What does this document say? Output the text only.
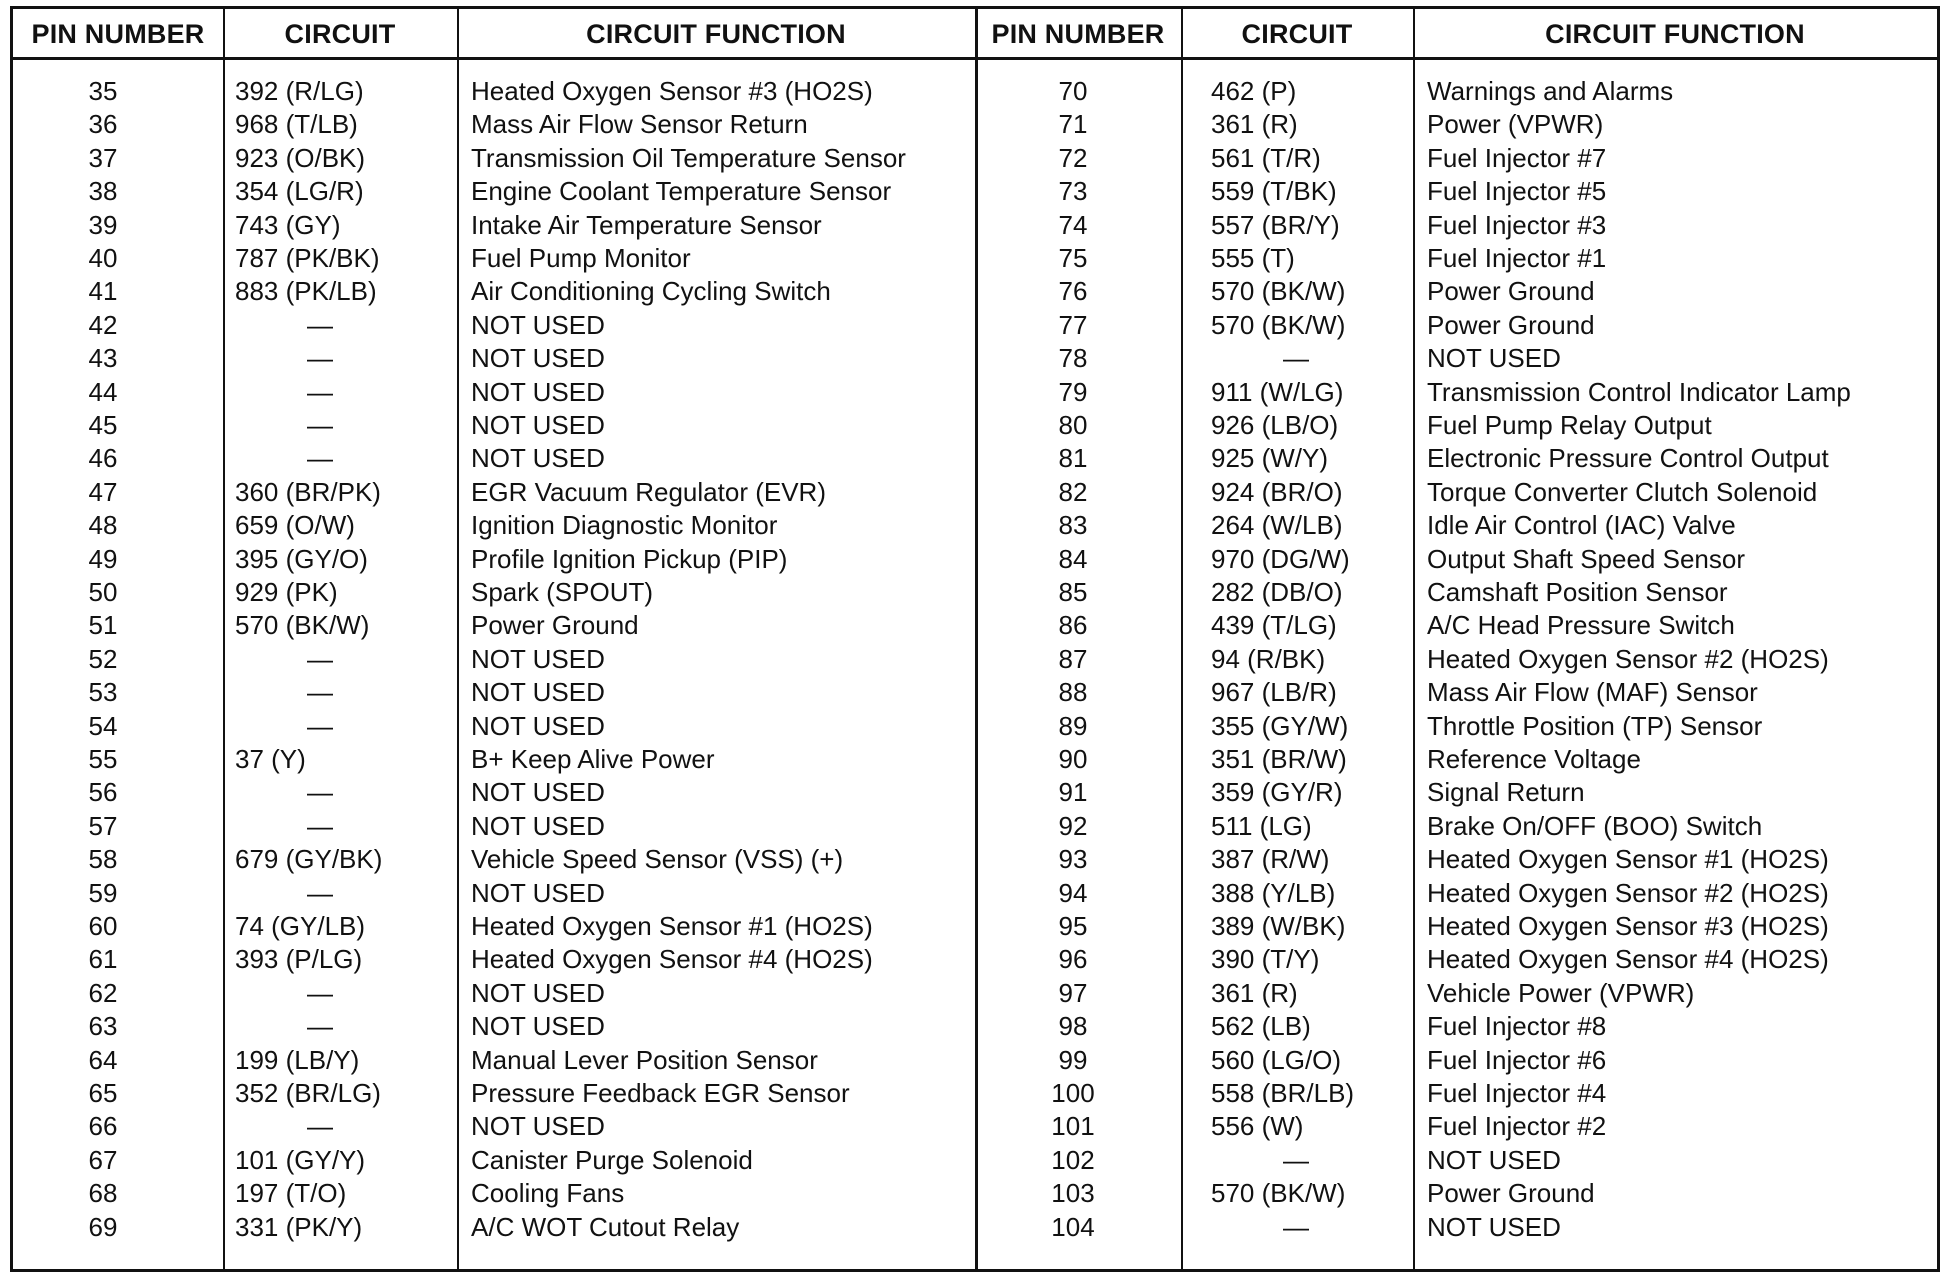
PIN NUMBER	CIRCUIT	CIRCUIT FUNCTION	PIN NUMBER	CIRCUIT	CIRCUIT FUNCTION
35	392 (R/LG)	Heated Oxygen Sensor #3 (HO2S)
36	968 (T/LB)	Mass Air Flow Sensor Return
37	923 (O/BK)	Transmission Oil Temperature Sensor
38	354 (LG/R)	Engine Coolant Temperature Sensor
39	743 (GY)	Intake Air Temperature Sensor
40	787 (PK/BK)	Fuel Pump Monitor
41	883 (PK/LB)	Air Conditioning Cycling Switch
42	—	NOT USED
43	—	NOT USED
44	—	NOT USED
45	—	NOT USED
46	—	NOT USED
47	360 (BR/PK)	EGR Vacuum Regulator (EVR)
48	659 (O/W)	Ignition Diagnostic Monitor
49	395 (GY/O)	Profile Ignition Pickup (PIP)
50	929 (PK)	Spark (SPOUT)
51	570 (BK/W)	Power Ground
52	—	NOT USED
53	—	NOT USED
54	—	NOT USED
55	37 (Y)	B+ Keep Alive Power
56	—	NOT USED
57	—	NOT USED
58	679 (GY/BK)	Vehicle Speed Sensor (VSS) (+)
59	—	NOT USED
60	74 (GY/LB)	Heated Oxygen Sensor #1 (HO2S)
61	393 (P/LG)	Heated Oxygen Sensor #4 (HO2S)
62	—	NOT USED
63	—	NOT USED
64	199 (LB/Y)	Manual Lever Position Sensor
65	352 (BR/LG)	Pressure Feedback EGR Sensor
66	—	NOT USED
67	101 (GY/Y)	Canister Purge Solenoid
68	197 (T/O)	Cooling Fans
69	331 (PK/Y)	A/C WOT Cutout Relay
70	462 (P)	Warnings and Alarms
71	361 (R)	Power (VPWR)
72	561 (T/R)	Fuel Injector #7
73	559 (T/BK)	Fuel Injector #5
74	557 (BR/Y)	Fuel Injector #3
75	555 (T)	Fuel Injector #1
76	570 (BK/W)	Power Ground
77	570 (BK/W)	Power Ground
78	—	NOT USED
79	911 (W/LG)	Transmission Control Indicator Lamp
80	926 (LB/O)	Fuel Pump Relay Output
81	925 (W/Y)	Electronic Pressure Control Output
82	924 (BR/O)	Torque Converter Clutch Solenoid
83	264 (W/LB)	Idle Air Control (IAC) Valve
84	970 (DG/W)	Output Shaft Speed Sensor
85	282 (DB/O)	Camshaft Position Sensor
86	439 (T/LG)	A/C Head Pressure Switch
87	94 (R/BK)	Heated Oxygen Sensor #2 (HO2S)
88	967 (LB/R)	Mass Air Flow (MAF) Sensor
89	355 (GY/W)	Throttle Position (TP) Sensor
90	351 (BR/W)	Reference Voltage
91	359 (GY/R)	Signal Return
92	511 (LG)	Brake On/OFF (BOO) Switch
93	387 (R/W)	Heated Oxygen Sensor #1 (HO2S)
94	388 (Y/LB)	Heated Oxygen Sensor #2 (HO2S)
95	389 (W/BK)	Heated Oxygen Sensor #3 (HO2S)
96	390 (T/Y)	Heated Oxygen Sensor #4 (HO2S)
97	361 (R)	Vehicle Power (VPWR)
98	562 (LB)	Fuel Injector #8
99	560 (LG/O)	Fuel Injector #6
100	558 (BR/LB)	Fuel Injector #4
101	556 (W)	Fuel Injector #2
102	—	NOT USED
103	570 (BK/W)	Power Ground
104	—	NOT USED
